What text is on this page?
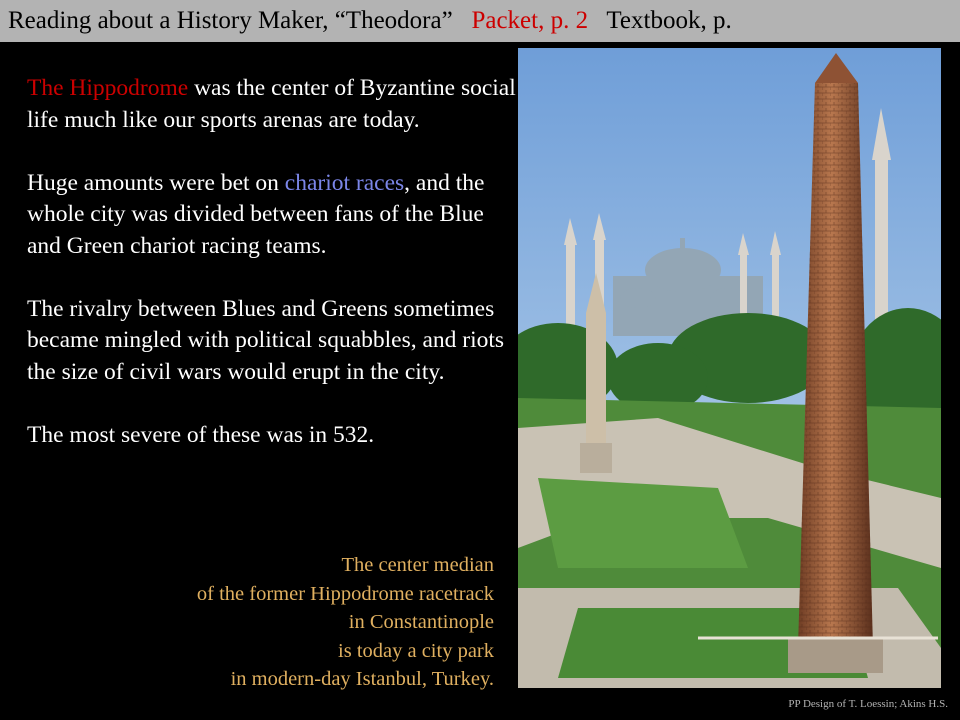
Reading about a History Maker, “Theodora” Packet, p. 2 Textbook, p.

The Hippodrome was the center of Byzantine social life much like our sports arenas are today.

Huge amounts were bet on chariot races, and the whole city was divided between fans of the Blue and Green chariot racing teams.

The rivalry between Blues and Greens sometimes became mingled with political squabbles, and riots the size of civil wars would erupt in the city.

The most severe of these was in 532.

The center median
of the former Hippodrome racetrack
in Constantinople
is today a city park
in modern-day Istanbul, Turkey.
PP Design of T. Loessin; Akins H.S.
